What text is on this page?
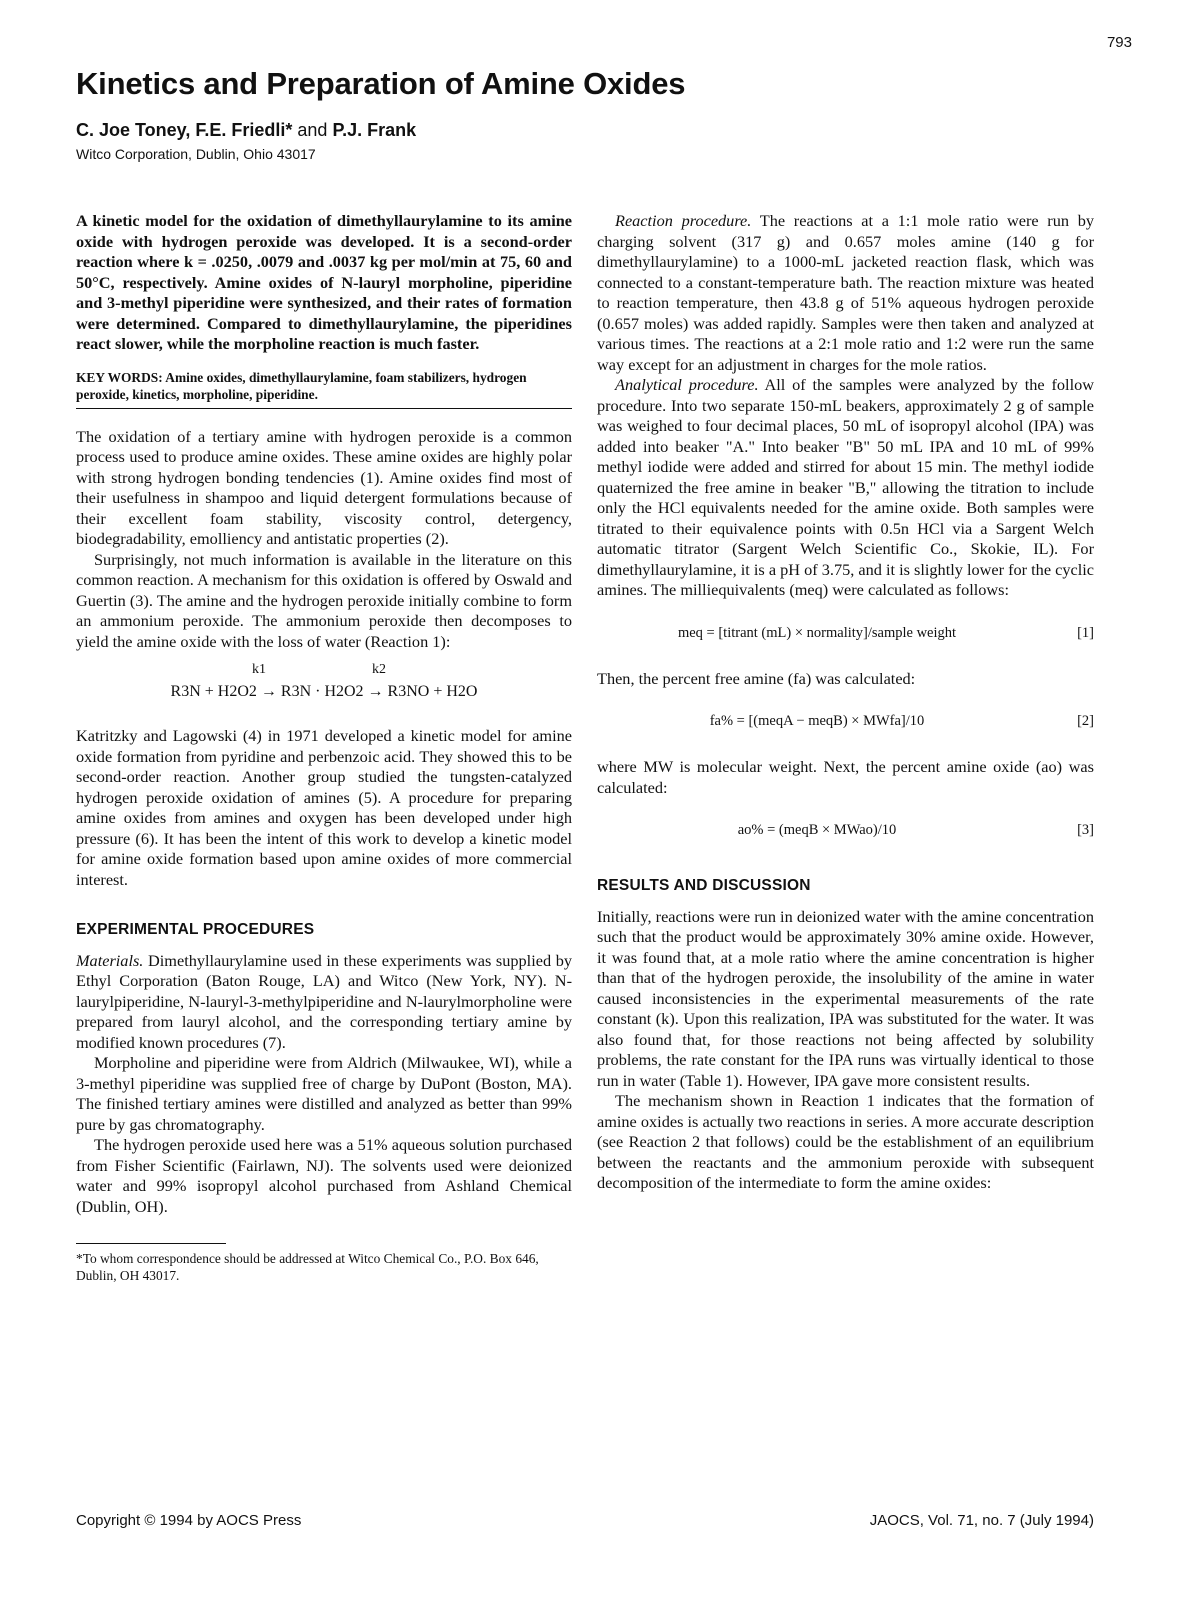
793
Kinetics and Preparation of Amine Oxides
C. Joe Toney, F.E. Friedli* and P.J. Frank
Witco Corporation, Dublin, Ohio 43017

A kinetic model for the oxidation of dimethyllaurylamine to its amine oxide with hydrogen peroxide was developed. It is a second-order reaction where k = .0250, .0079 and .0037 kg per mol/min at 75, 60 and 50°C, respectively. Amine oxides of N-lauryl morpholine, piperidine and 3-methyl piperidine were synthesized, and their rates of formation were determined. Compared to dimethyllaurylamine, the piperidines react slower, while the morpholine reaction is much faster.

KEY WORDS: Amine oxides, dimethyllaurylamine, foam stabilizers, hydrogen peroxide, kinetics, morpholine, piperidine.

The oxidation of a tertiary amine with hydrogen peroxide is a common process used to produce amine oxides. These amine oxides are highly polar with strong hydrogen bonding tendencies (1). Amine oxides find most of their usefulness in shampoo and liquid detergent formulations because of their excellent foam stability, viscosity control, detergency, biodegradability, emolliency and antistatic properties (2).

Surprisingly, not much information is available in the literature on this common reaction. A mechanism for this oxidation is offered by Oswald and Guertin (3). The amine and the hydrogen peroxide initially combine to form an ammonium peroxide. The ammonium peroxide then decomposes to yield the amine oxide with the loss of water (Reaction 1):

k1	k2
R3N + H2O2 → R3N · H2O2 → R3NO + H2O

Katritzky and Lagowski (4) in 1971 developed a kinetic model for amine oxide formation from pyridine and perbenzoic acid. They showed this to be second-order reaction. Another group studied the tungsten-catalyzed hydrogen peroxide oxidation of amines (5). A procedure for preparing amine oxides from amines and oxygen has been developed under high pressure (6). It has been the intent of this work to develop a kinetic model for amine oxide formation based upon amine oxides of more commercial interest.

EXPERIMENTAL PROCEDURES

Materials. Dimethyllaurylamine used in these experiments was supplied by Ethyl Corporation (Baton Rouge, LA) and Witco (New York, NY). N-laurylpiperidine, N-lauryl-3-methylpiperidine and N-laurylmorpholine were prepared from lauryl alcohol, and the corresponding tertiary amine by modified known procedures (7).

Morpholine and piperidine were from Aldrich (Milwaukee, WI), while a 3-methyl piperidine was supplied free of charge by DuPont (Boston, MA). The finished tertiary amines were distilled and analyzed as better than 99% pure by gas chromatography.

The hydrogen peroxide used here was a 51% aqueous solution purchased from Fisher Scientific (Fairlawn, NJ). The solvents used were deionized water and 99% isopropyl alcohol purchased from Ashland Chemical (Dublin, OH).

*To whom correspondence should be addressed at Witco Chemical Co., P.O. Box 646, Dublin, OH 43017.

Reaction procedure. The reactions at a 1:1 mole ratio were run by charging solvent (317 g) and 0.657 moles amine (140 g for dimethyllaurylamine) to a 1000-mL jacketed reaction flask, which was connected to a constant-temperature bath. The reaction mixture was heated to reaction temperature, then 43.8 g of 51% aqueous hydrogen peroxide (0.657 moles) was added rapidly. Samples were then taken and analyzed at various times. The reactions at a 2:1 mole ratio and 1:2 were run the same way except for an adjustment in charges for the mole ratios.

Analytical procedure. All of the samples were analyzed by the follow procedure. Into two separate 150-mL beakers, approximately 2 g of sample was weighed to four decimal places, 50 mL of isopropyl alcohol (IPA) was added into beaker "A." Into beaker "B" 50 mL IPA and 10 mL of 99% methyl iodide were added and stirred for about 15 min. The methyl iodide quaternized the free amine in beaker "B," allowing the titration to include only the HCl equivalents needed for the amine oxide. Both samples were titrated to their equivalence points with 0.5n HCl via a Sargent Welch automatic titrator (Sargent Welch Scientific Co., Skokie, IL). For dimethyllaurylamine, it is a pH of 3.75, and it is slightly lower for the cyclic amines. The milliequivalents (meq) were calculated as follows:

meq = [titrant (mL) × normality]/sample weight	[1]

Then, the percent free amine (fa) was calculated:

fa% = [(meqA − meqB) × MWfa]/10	[2]

where MW is molecular weight. Next, the percent amine oxide (ao) was calculated:

ao% = (meqB × MWao)/10	[3]
RESULTS AND DISCUSSION

Initially, reactions were run in deionized water with the amine concentration such that the product would be approximately 30% amine oxide. However, it was found that, at a mole ratio where the amine concentration is higher than that of the hydrogen peroxide, the insolubility of the amine in water caused inconsistencies in the experimental measurements of the rate constant (k). Upon this realization, IPA was substituted for the water. It was also found that, for those reactions not being affected by solubility problems, the rate constant for the IPA runs was virtually identical to those run in water (Table 1). However, IPA gave more consistent results.

The mechanism shown in Reaction 1 indicates that the formation of amine oxides is actually two reactions in series. A more accurate description (see Reaction 2 that follows) could be the establishment of an equilibrium between the reactants and the ammonium peroxide with subsequent decomposition of the intermediate to form the amine oxides:

Copyright © 1994 by AOCS Press	JAOCS, Vol. 71, no. 7 (July 1994)
